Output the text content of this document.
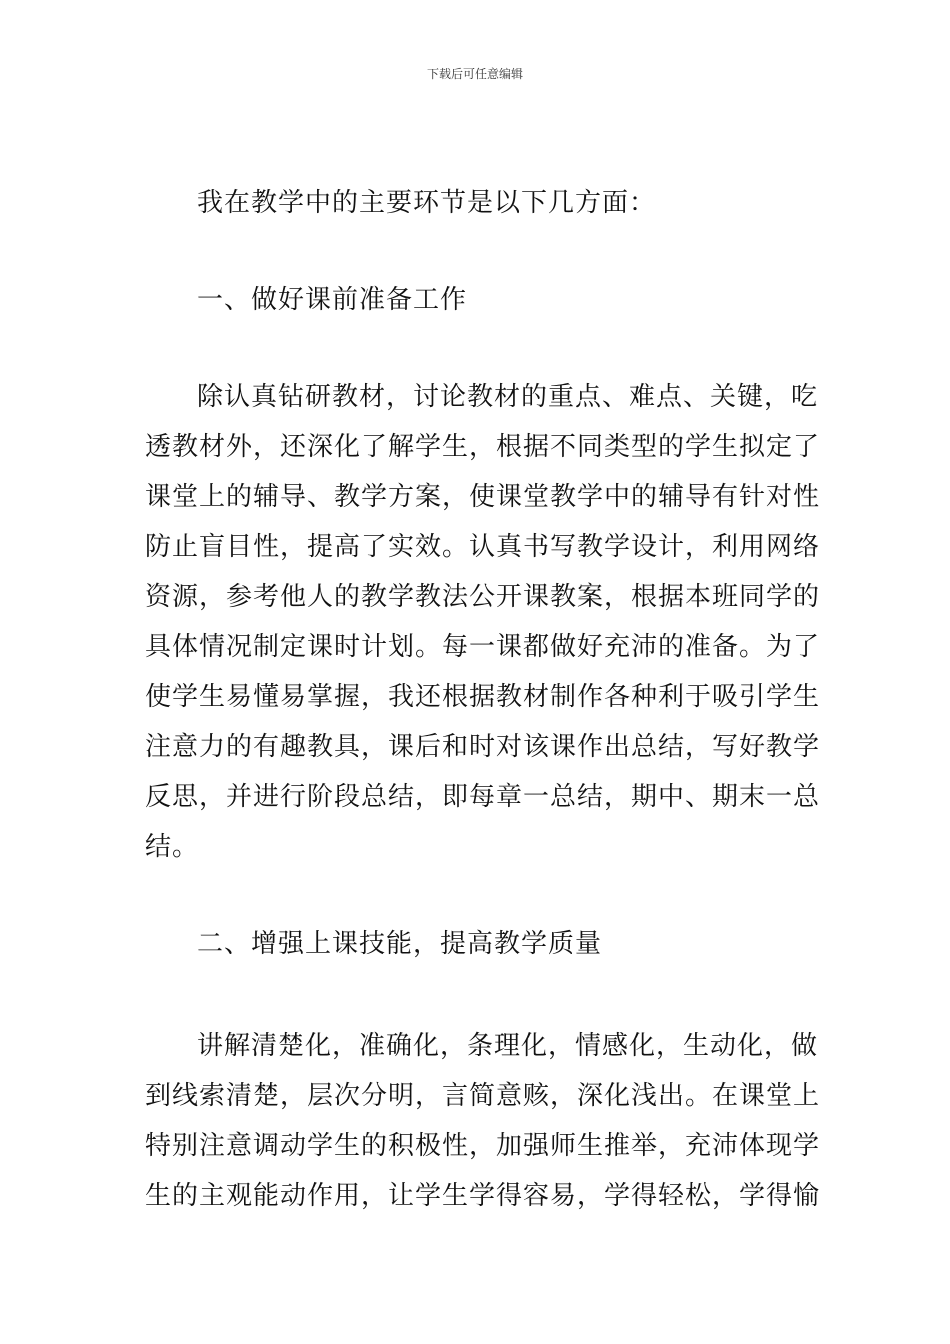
下载后可任意编辑

我在教学中的主要环节是以下几方面：

一、做好课前准备工作

除认真钻研教材，讨论教材的重点、难点、关键，吃
透教材外，还深化了解学生，根据不同类型的学生拟定了
课堂上的辅导、教学方案，使课堂教学中的辅导有针对性
防止盲目性，提高了实效。认真书写教学设计，利用网络
资源，参考他人的教学教法公开课教案，根据本班同学的
具体情况制定课时计划。每一课都做好充沛的准备。为了
使学生易懂易掌握，我还根据教材制作各种利于吸引学生
注意力的有趣教具，课后和时对该课作出总结，写好教学
反思，并进行阶段总结，即每章一总结，期中、期末一总
结。

二、增强上课技能，提高教学质量

讲解清楚化，准确化，条理化，情感化，生动化，做
到线索清楚，层次分明，言简意赅，深化浅出。在课堂上
特别注意调动学生的积极性，加强师生推举，充沛体现学
生的主观能动作用，让学生学得容易，学得轻松，学得愉
